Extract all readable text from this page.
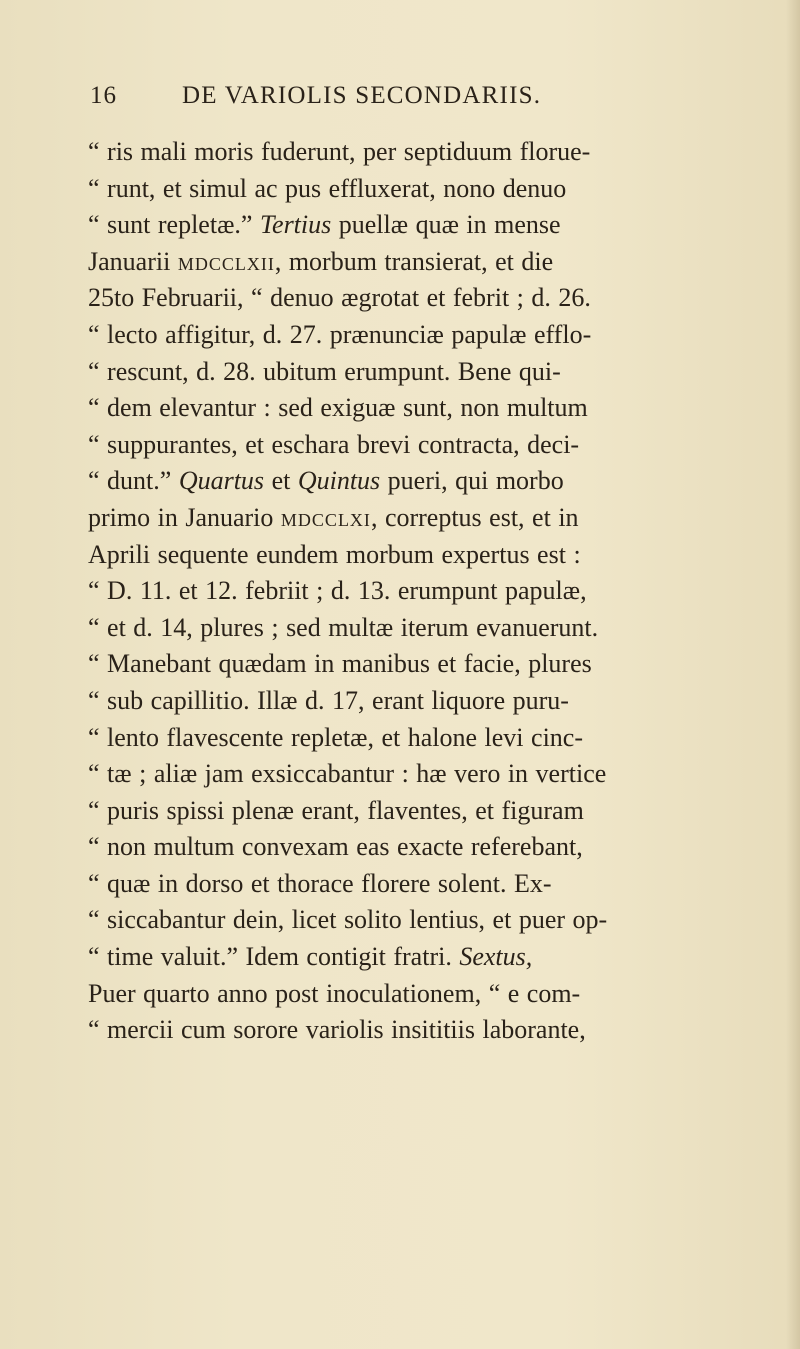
16	DE VARIOLIS SECONDARIIS.
“ ris mali moris fuderunt, per septiduum florue-
“ runt, et simul ac pus effluxerat, nono denuo
“ sunt repletæ.” Tertius puellæ quæ in mense
Januarii MDCCLXII, morbum transierat, et die
25to Februarii, “ denuo ægrotat et febrit ; d. 26.
“ lecto affigitur, d. 27. prænunciæ papulæ efflo-
“ rescunt, d. 28. ubitum erumpunt. Bene qui-
“ dem elevantur : sed exiguæ sunt, non multum
“ suppurantes, et eschara brevi contracta, deci-
“ dunt.” Quartus et Quintus pueri, qui morbo
primo in Januario MDCCLXI, correptus est, et in
Aprili sequente eundem morbum expertus est :
“ D. 11. et 12. febriit ; d. 13. erumpunt papulæ,
“ et d. 14, plures ; sed multæ iterum evanuerunt.
“ Manebant quædam in manibus et facie, plures
“ sub capillitio. Illæ d. 17, erant liquore puru-
“ lento flavescente repletæ, et halone levi cinc-
“ tæ ; aliæ jam exsiccabantur : hæ vero in vertice
“ puris spissi plenæ erant, flaventes, et figuram
“ non multum convexam eas exacte referebant,
“ quæ in dorso et thorace florere solent. Ex-
“ siccabantur dein, licet solito lentius, et puer op-
“ time valuit.” Idem contigit fratri. Sextus,
Puer quarto anno post inoculationem, “ e com-
“ mercii cum sorore variolis insititiis laborante,
